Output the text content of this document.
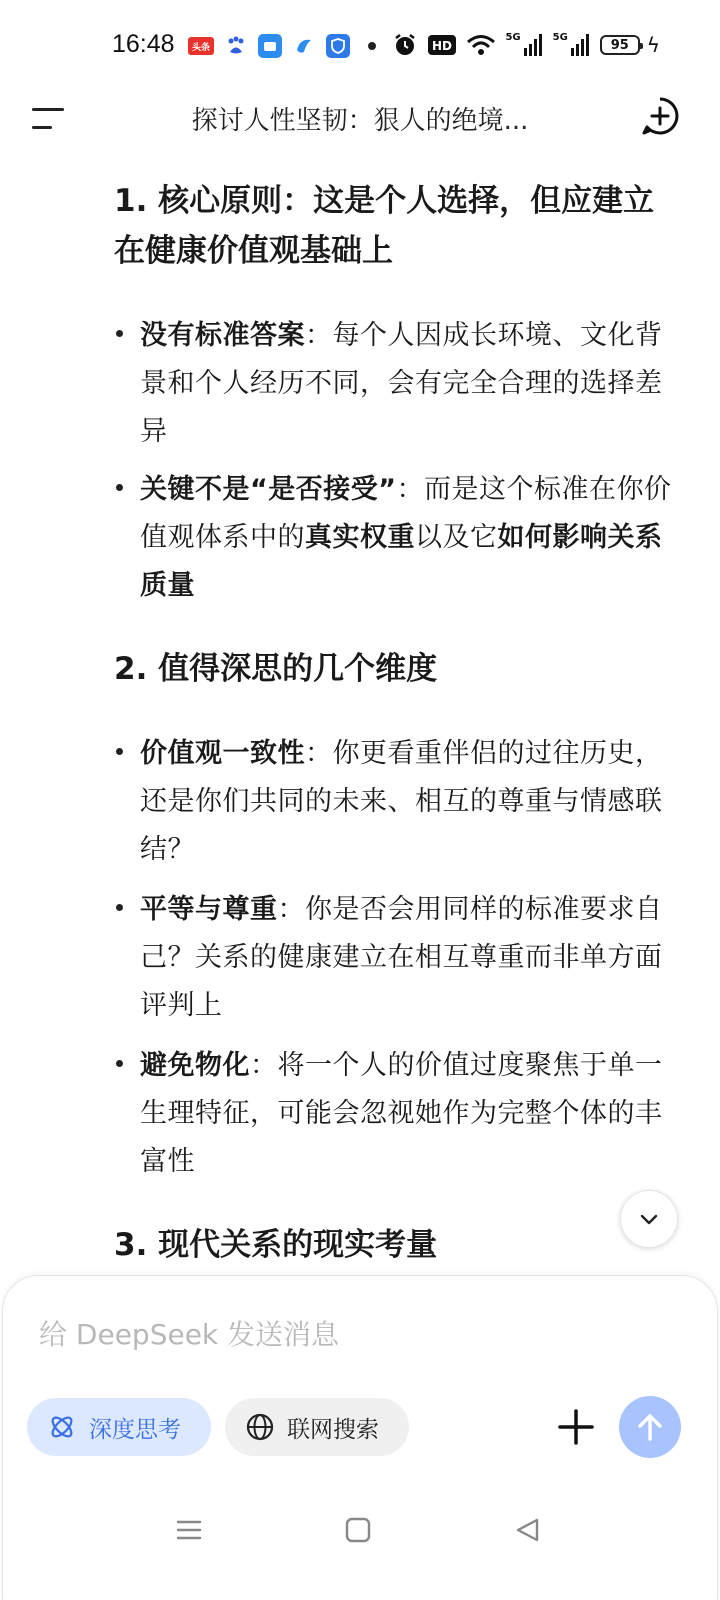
16:48	头条	HD
5G	5G
95 ϟ
探讨人性坚韧：狠人的绝境...
1. 核心原则：这是个人选择，但应建立在健康价值观基础上
没有标准答案：每个人因成长环境、文化背景和个人经历不同，会有完全合理的选择差异
关键不是“是否接受”：而是这个标准在你价值观体系中的真实权重以及它如何影响关系质量
2. 值得深思的几个维度
价值观一致性：你更看重伴侣的过往历史，还是你们共同的未来、相互的尊重与情感联结？
平等与尊重：你是否会用同样的标准要求自己？关系的健康建立在相互尊重而非单方面评判上
避免物化：将一个人的价值过度聚焦于单一生理特征，可能会忽视她作为完整个体的丰富性
3. 现代关系的现实考量
给 DeepSeek 发送消息
深度思考	联网搜索
